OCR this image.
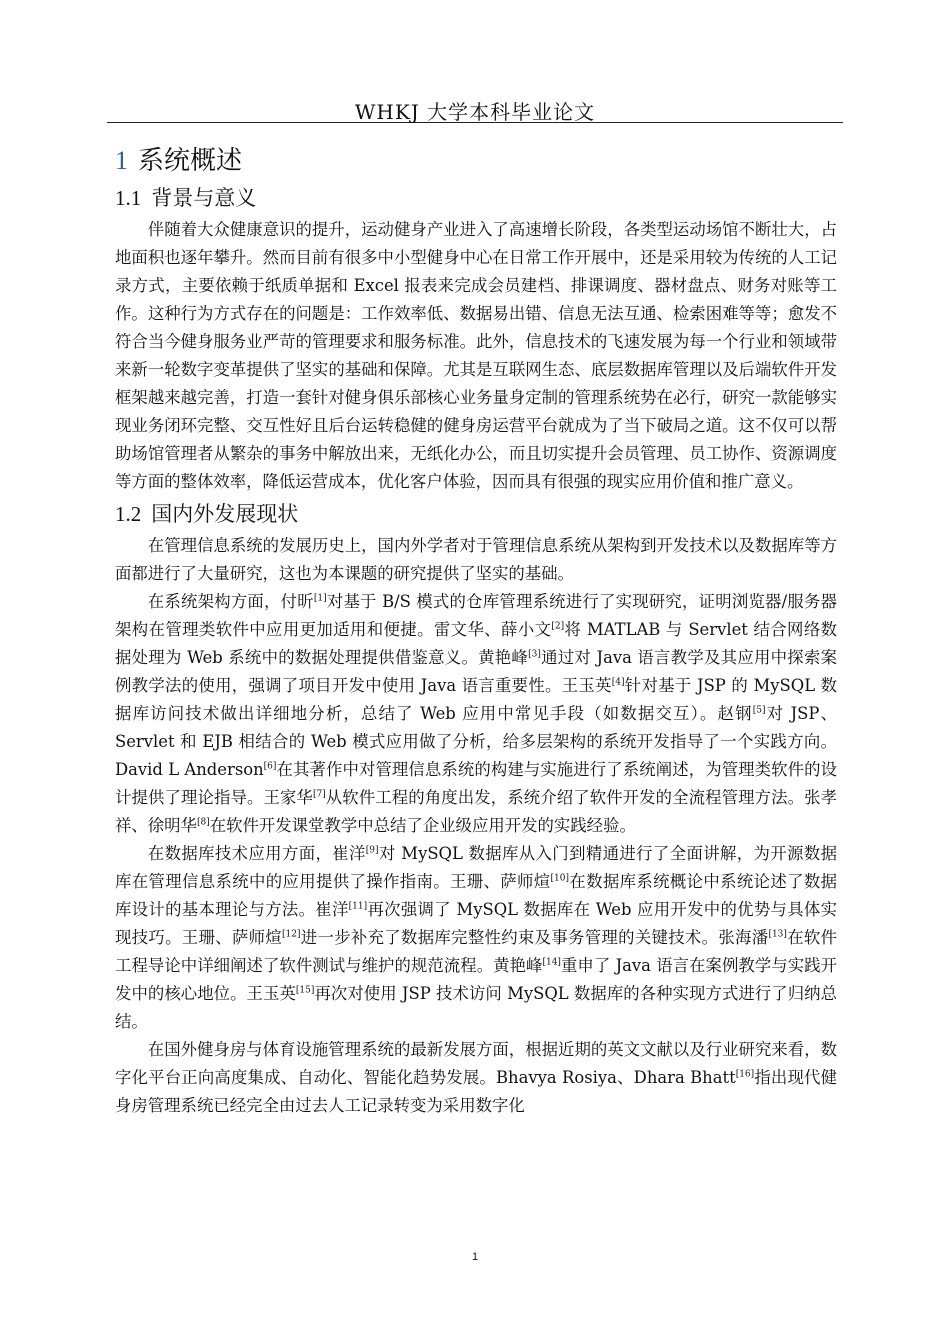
WHKJ 大学本科毕业论文
1 系统概述
1.1 背景与意义

伴随着大众健康意识的提升，运动健身产业进入了高速增长阶段，各类型运动场馆不断壮大，占地面积也逐年攀升。然而目前有很多中小型健身中心在日常工作开展中，还是采用较为传统的人工记录方式，主要依赖于纸质单据和 Excel 报表来完成会员建档、排课调度、器材盘点、财务对账等工作。这种行为方式存在的问题是：工作效率低、数据易出错、信息无法互通、检索困难等等；愈发不符合当今健身服务业严苛的管理要求和服务标准。此外，信息技术的飞速发展为每一个行业和领域带来新一轮数字变革提供了坚实的基础和保障。尤其是互联网生态、底层数据库管理以及后端软件开发框架越来越完善，打造一套针对健身俱乐部核心业务量身定制的管理系统势在必行，研究一款能够实现业务闭环完整、交互性好且后台运转稳健的健身房运营平台就成为了当下破局之道。这不仅可以帮助场馆管理者从繁杂的事务中解放出来，无纸化办公，而且切实提升会员管理、员工协作、资源调度等方面的整体效率，降低运营成本，优化客户体验，因而具有很强的现实应用价值和推广意义。

1.2 国内外发展现状

在管理信息系统的发展历史上，国内外学者对于管理信息系统从架构到开发技术以及数据库等方面都进行了大量研究，这也为本课题的研究提供了坚实的基础。

在系统架构方面，付昕[1]对基于 B/S 模式的仓库管理系统进行了实现研究，证明浏览器/服务器架构在管理类软件中应用更加适用和便捷。雷文华、薛小文[2]将 MATLAB 与 Servlet 结合网络数据处理为 Web 系统中的数据处理提供借鉴意义。黄艳峰[3]通过对 Java 语言教学及其应用中探索案例教学法的使用，强调了项目开发中使用 Java 语言重要性。王玉英[4]针对基于 JSP 的 MySQL 数据库访问技术做出详细地分析，总结了 Web 应用中常见手段（如数据交互）。赵钢[5]对 JSP、Servlet 和 EJB 相结合的 Web 模式应用做了分析，给多层架构的系统开发指导了一个实践方向。David L Anderson[6]在其著作中对管理信息系统的构建与实施进行了系统阐述，为管理类软件的设计提供了理论指导。王家华[7]从软件工程的角度出发，系统介绍了软件开发的全流程管理方法。张孝祥、徐明华[8]在软件开发课堂教学中总结了企业级应用开发的实践经验。

在数据库技术应用方面，崔洋[9]对 MySQL 数据库从入门到精通进行了全面讲解，为开源数据库在管理信息系统中的应用提供了操作指南。王珊、萨师煊[10]在数据库系统概论中系统论述了数据库设计的基本理论与方法。崔洋[11]再次强调了 MySQL 数据库在 Web 应用开发中的优势与具体实现技巧。王珊、萨师煊[12]进一步补充了数据库完整性约束及事务管理的关键技术。张海潘[13]在软件工程导论中详细阐述了软件测试与维护的规范流程。黄艳峰[14]重申了 Java 语言在案例教学与实践开发中的核心地位。王玉英[15]再次对使用 JSP 技术访问 MySQL 数据库的各种实现方式进行了归纳总结。

在国外健身房与体育设施管理系统的最新发展方面，根据近期的英文文献以及行业研究来看，数字化平台正向高度集成、自动化、智能化趋势发展。Bhavya Rosiya、Dhara Bhatt[16]指出现代健身房管理系统已经完全由过去人工记录转变为采用数字化

1
